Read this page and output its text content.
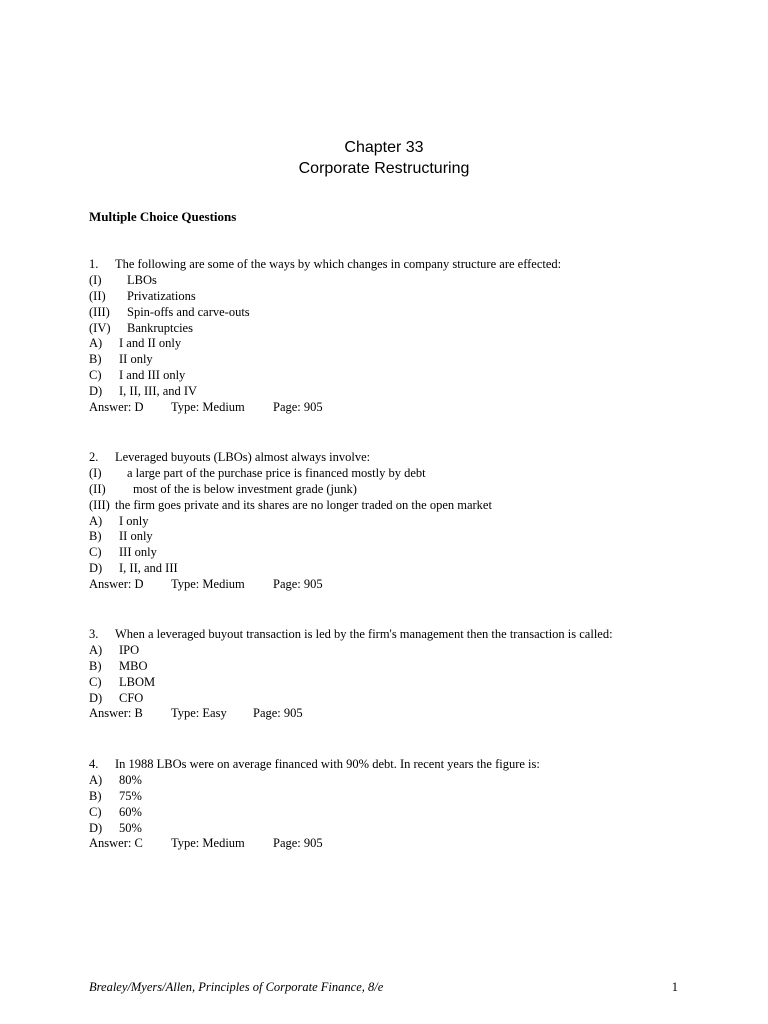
Chapter 33
Corporate Restructuring
Multiple Choice Questions
1. The following are some of the ways by which changes in company structure are effected:
(I) LBOs
(II) Privatizations
(III) Spin-offs and carve-outs
(IV) Bankruptcies
A) I and II only
B) II only
C) I and III only
D) I, II, III, and IV
Answer: D Type: Medium Page: 905
2. Leveraged buyouts (LBOs) almost always involve:
(I) a large part of the purchase price is financed mostly by debt
(II) most of the is below investment grade (junk)
(III) the firm goes private and its shares are no longer traded on the open market
A) I only
B) II only
C) III only
D) I, II, and III
Answer: D Type: Medium Page: 905
3. When a leveraged buyout transaction is led by the firm's management then the transaction is called:
A) IPO
B) MBO
C) LBOM
D) CFO
Answer: B Type: Easy Page: 905
4. In 1988 LBOs were on average financed with 90% debt. In recent years the figure is:
A) 80%
B) 75%
C) 60%
D) 50%
Answer: C Type: Medium Page: 905
Brealey/Myers/Allen, Principles of Corporate Finance, 8/e	1
